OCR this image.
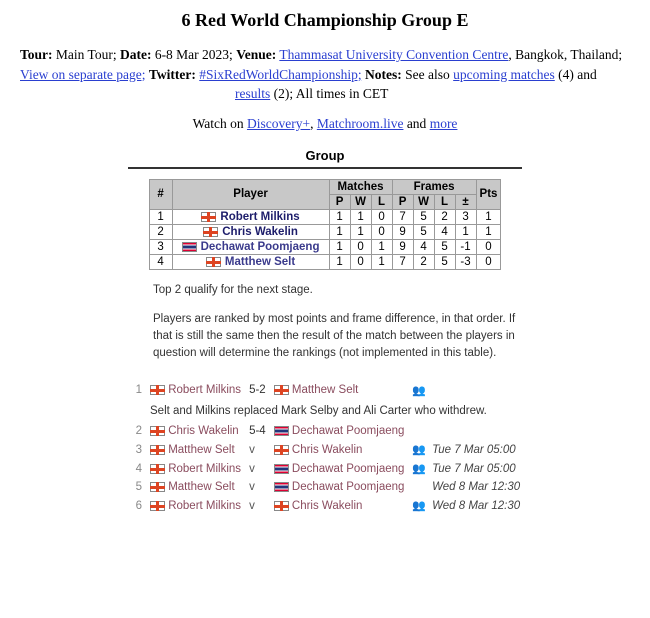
6 Red World Championship Group E
Tour: Main Tour; Date: 6-8 Mar 2023; Venue: Thammasat University Convention Centre, Bangkok, Thailand;
View on separate page; Twitter: #SixRedWorldChampionship; Notes: See also upcoming matches (4) and
results (2); All times in CET
Watch on Discovery+, Matchroom.live and more
Group
#	Player	Matches			Frames				Pts
		P	W	L	P	W	L	±	
1	Robert Milkins	1	1	0	7	5	2	3	1
2	Chris Wakelin	1	1	0	9	5	4	1	1
3	Dechawat Poomjaeng	1	0	1	9	4	5	-1	0
4	Matthew Selt	1	0	1	7	2	5	-3	0

Top 2 qualify for the next stage.

Players are ranked by most points and frame difference, in that order. If that is still the same then the result of the match between the players in question will determine the rankings (not implemented in this table).

1	Robert Milkins	5-2	Matthew Selt	👥	
	Selt and Milkins replaced Mark Selby and Ali Carter who withdrew.				
2	Chris Wakelin	5-4	Dechawat Poomjaeng		
3	Matthew Selt	v	Chris Wakelin	👥	Tue 7 Mar 05:00
4	Robert Milkins	v	Dechawat Poomjaeng	👥	Tue 7 Mar 05:00
5	Matthew Selt	v	Dechawat Poomjaeng		Wed 8 Mar 12:30
6	Robert Milkins	v	Chris Wakelin	👥	Wed 8 Mar 12:30
